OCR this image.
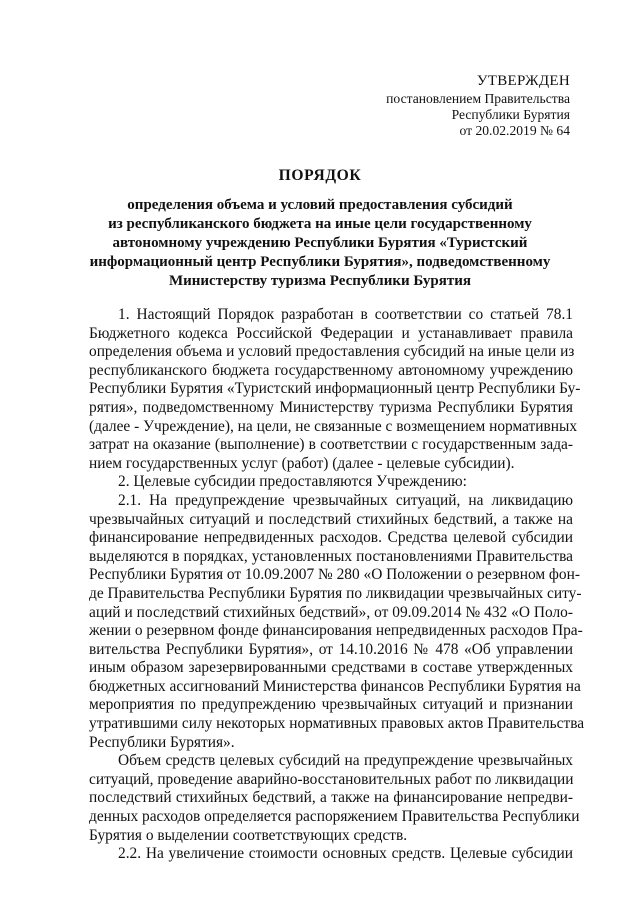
УТВЕРЖДЕН
постановлением Правительства
Республики Бурятия
от 20.02.2019 № 64
ПОРЯДОК
определения объема и условий предоставления субсидий
из республиканского бюджета на иные цели государственному
автономному учреждению Республики Бурятия «Туристский
информационный центр Республики Бурятия», подведомственному
Министерству туризма Республики Бурятия
1. Настоящий Порядок разработан в соответствии со статьей 78.1
Бюджетного кодекса Российской Федерации и устанавливает правила
определения объема и условий предоставления субсидий на иные цели из
республиканского бюджета государственному автономному учреждению
Республики Бурятия «Туристский информационный центр Республики Бу-
рятия», подведомственному Министерству туризма Республики Бурятия
(далее - Учреждение), на цели, не связанные с возмещением нормативных
затрат на оказание (выполнение) в соответствии с государственным зада-
нием государственных услуг (работ) (далее - целевые субсидии).
2. Целевые субсидии предоставляются Учреждению:
2.1. На предупреждение чрезвычайных ситуаций, на ликвидацию
чрезвычайных ситуаций и последствий стихийных бедствий, а также на
финансирование непредвиденных расходов. Средства целевой субсидии
выделяются в порядках, установленных постановлениями Правительства
Республики Бурятия от 10.09.2007 № 280 «О Положении о резервном фон-
де Правительства Республики Бурятия по ликвидации чрезвычайных ситу-
аций и последствий стихийных бедствий», от 09.09.2014 № 432 «О Поло-
жении о резервном фонде финансирования непредвиденных расходов Пра-
вительства Республики Бурятия», от 14.10.2016 № 478 «Об управлении
иным образом зарезервированными средствами в составе утвержденных
бюджетных ассигнований Министерства финансов Республики Бурятия на
мероприятия по предупреждению чрезвычайных ситуаций и признании
утратившими силу некоторых нормативных правовых актов Правительства
Республики Бурятия».
Объем средств целевых субсидий на предупреждение чрезвычайных
ситуаций, проведение аварийно-восстановительных работ по ликвидации
последствий стихийных бедствий, а также на финансирование непредви-
денных расходов определяется распоряжением Правительства Республики
Бурятия о выделении соответствующих средств.
2.2. На увеличение стоимости основных средств. Целевые субсидии
